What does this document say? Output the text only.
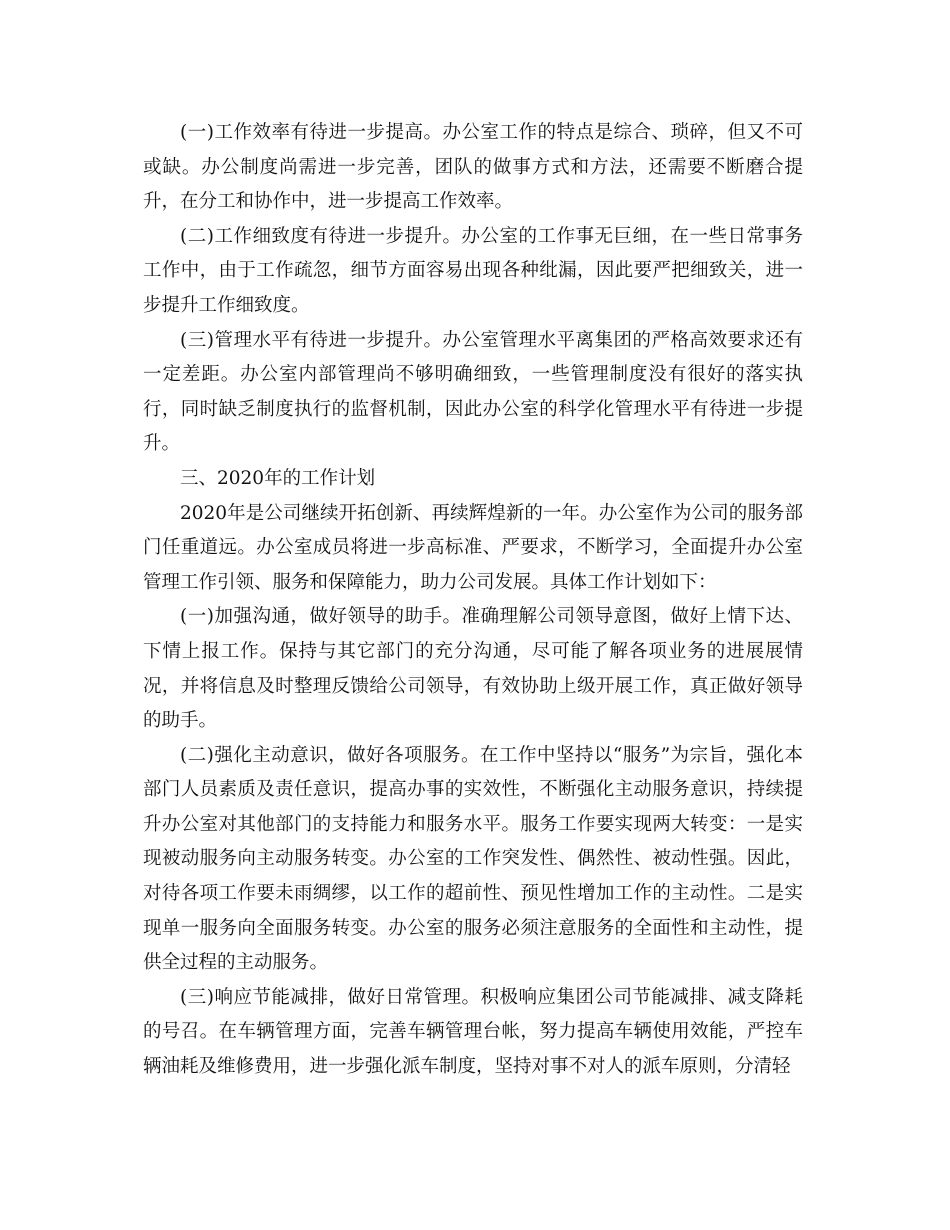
(一)工作效率有待进一步提高。办公室工作的特点是综合、琐碎，但又不可或缺。办公制度尚需进一步完善，团队的做事方式和方法，还需要不断磨合提升，在分工和协作中，进一步提高工作效率。

(二)工作细致度有待进一步提升。办公室的工作事无巨细，在一些日常事务工作中，由于工作疏忽，细节方面容易出现各种纰漏，因此要严把细致关，进一步提升工作细致度。

(三)管理水平有待进一步提升。办公室管理水平离集团的严格高效要求还有一定差距。办公室内部管理尚不够明确细致，一些管理制度没有很好的落实执行，同时缺乏制度执行的监督机制，因此办公室的科学化管理水平有待进一步提升。

三、2020年的工作计划

2020年是公司继续开拓创新、再续辉煌新的一年。办公室作为公司的服务部门任重道远。办公室成员将进一步高标准、严要求，不断学习，全面提升办公室管理工作引领、服务和保障能力，助力公司发展。具体工作计划如下：

(一)加强沟通，做好领导的助手。准确理解公司领导意图，做好上情下达、下情上报工作。保持与其它部门的充分沟通，尽可能了解各项业务的进展展情况，并将信息及时整理反馈给公司领导，有效协助上级开展工作，真正做好领导的助手。

(二)强化主动意识，做好各项服务。在工作中坚持以“服务”为宗旨，强化本部门人员素质及责任意识，提高办事的实效性，不断强化主动服务意识，持续提升办公室对其他部门的支持能力和服务水平。服务工作要实现两大转变：一是实现被动服务向主动服务转变。办公室的工作突发性、偶然性、被动性强。因此，对待各项工作要未雨绸缪，以工作的超前性、预见性增加工作的主动性。二是实现单一服务向全面服务转变。办公室的服务必须注意服务的全面性和主动性，提供全过程的主动服务。

(三)响应节能减排，做好日常管理。积极响应集团公司节能减排、减支降耗的号召。在车辆管理方面，完善车辆管理台帐，努力提高车辆使用效能，严控车辆油耗及维修费用，进一步强化派车制度，坚持对事不对人的派车原则，分清轻
